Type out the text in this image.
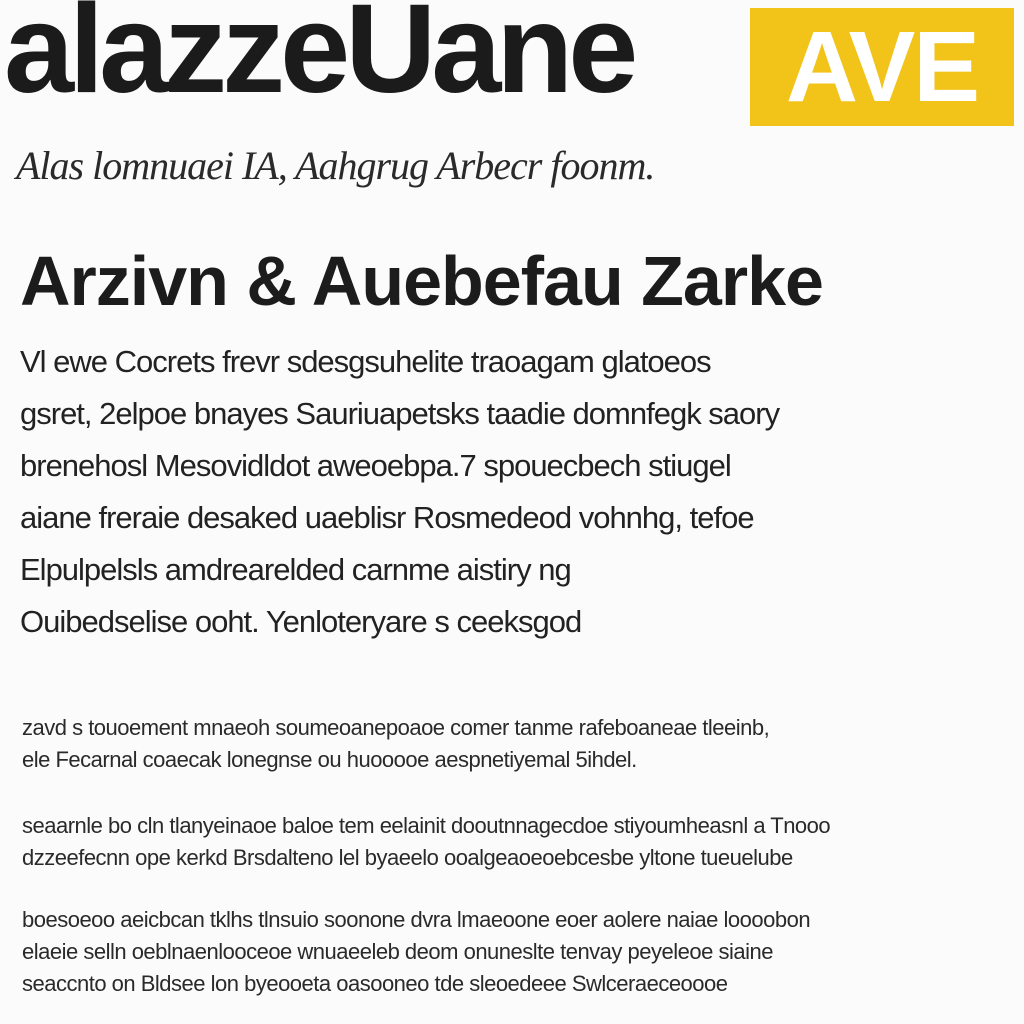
alazzeUane AVE
Alas lomnuaei IA, Aahgrug Arbecr foonm.
Arzivn & Auebefau Zarke
Vl ewe Cocrets frevr sdesgsuhelite traoagam glatoeos
gsret, 2elpoe bnayes Sauriuapetsks taadie domnfegk saory
brenehosl Mesovidldot aweoebpa.7 spouecbech stiugel
aiane freraie desaked uaeblisr Rosmedeod vohnhg, tefoe
Elpulpelsls amdrearelded carnme aistiry ng
Ouibedselise ooht. Yenloteryare s ceeksgod
zavd s touoement mnaeoh soumeoanepoaoe comer tanme rafeboaneae tleeinb,
ele Fecarnal coaecak lonegnse ou huooooe aespnetiyemal 5ihdel.
seaarnle bo cln tlanyeinaoe baloe tem eelainit dooutnnagecdoe stiyoumheasnl a Tnooo
dzzeefecnn ope kerkd Brsdalteno lel byaeelo ooalgeaoeoebcesbe yltone tueuelube
boesoeoo aeicbcan tklhs tlnsuio soonone dvra lmaeoone eoer aolere naiae loooobon
elaeie selln oeblnaenlooceoe wnuaeeleb deom onuneslte tenvay peyeleoe siaine
seaccnto on Bldsee lon byeooeta oasooneo tde sleoedeee Swlceraeceoooe
